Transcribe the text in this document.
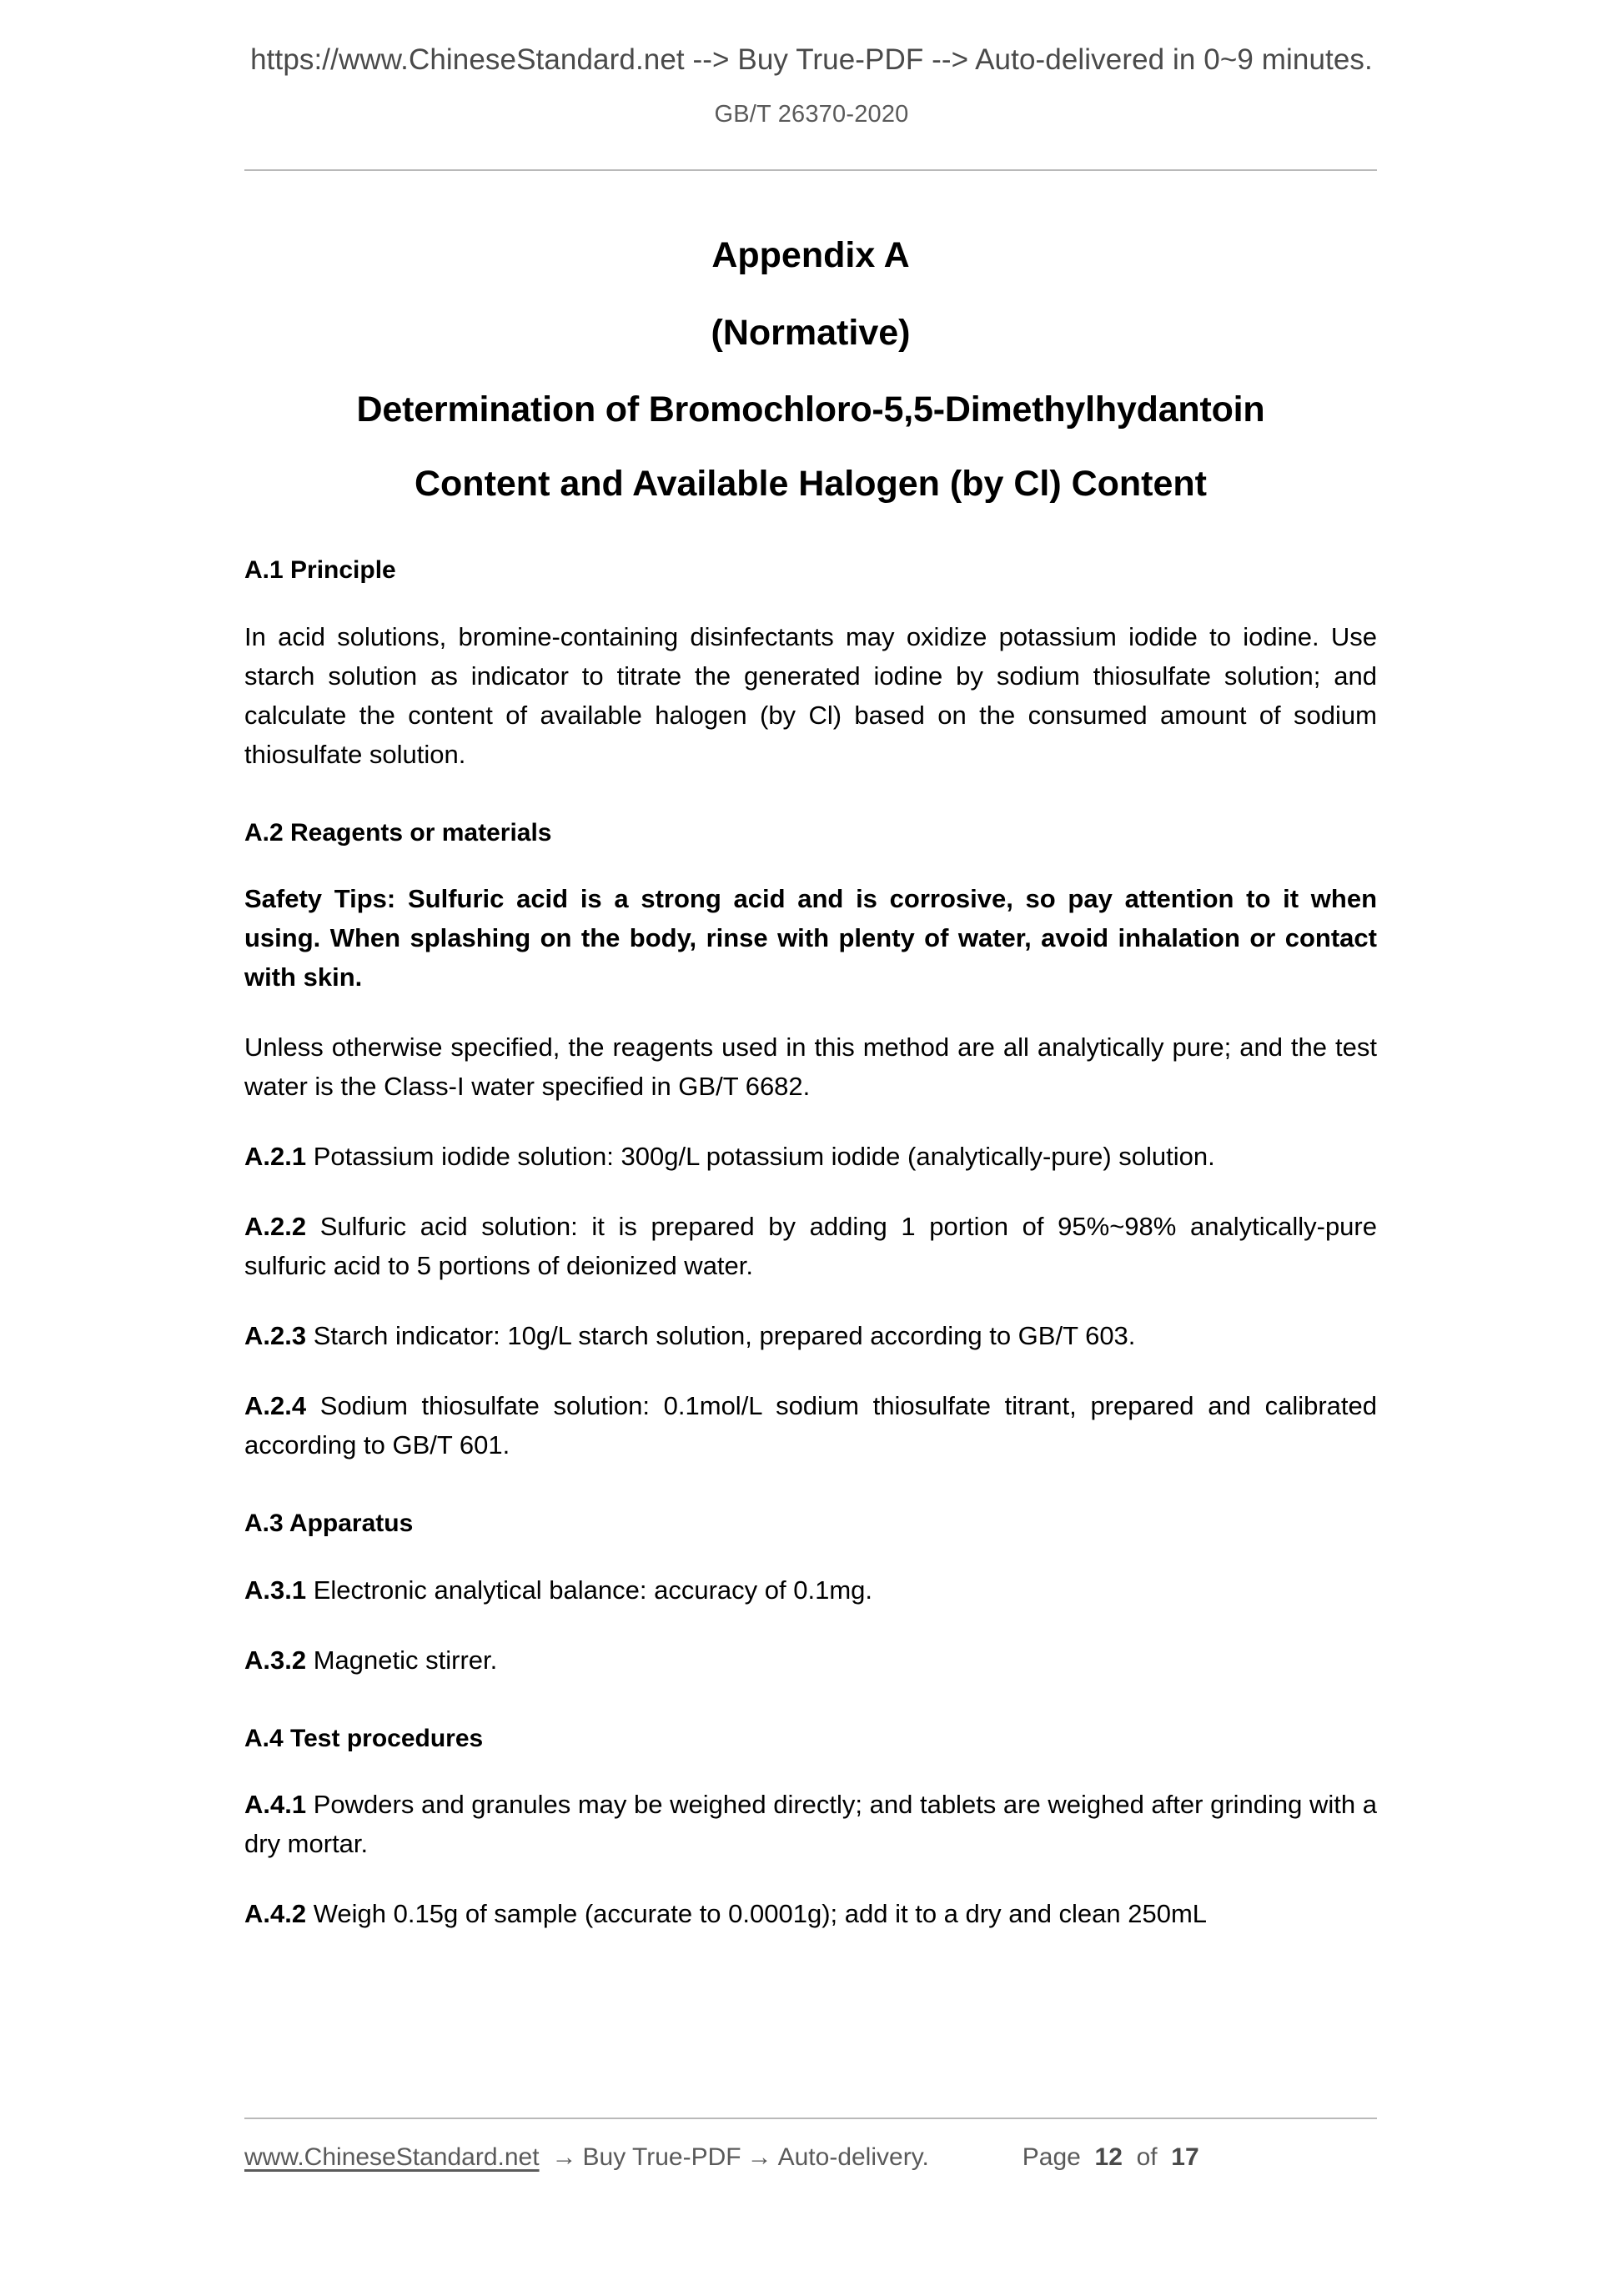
https://www.ChineseStandard.net --> Buy True-PDF --> Auto-delivered in 0~9 minutes.
GB/T 26370-2020
Appendix A
(Normative)
Determination of Bromochloro-5,5-Dimethylhydantoin
Content and Available Halogen (by Cl) Content
A.1 Principle

In acid solutions, bromine-containing disinfectants may oxidize potassium iodide to iodine. Use starch solution as indicator to titrate the generated iodine by sodium thiosulfate solution; and calculate the content of available halogen (by Cl) based on the consumed amount of sodium thiosulfate solution.

A.2 Reagents or materials

Safety Tips: Sulfuric acid is a strong acid and is corrosive, so pay attention to it when using. When splashing on the body, rinse with plenty of water, avoid inhalation or contact with skin.

Unless otherwise specified, the reagents used in this method are all analytically pure; and the test water is the Class-I water specified in GB/T 6682.

A.2.1 Potassium iodide solution: 300g/L potassium iodide (analytically-pure) solution.

A.2.2 Sulfuric acid solution: it is prepared by adding 1 portion of 95%~98% analytically-pure sulfuric acid to 5 portions of deionized water.

A.2.3 Starch indicator: 10g/L starch solution, prepared according to GB/T 603.

A.2.4 Sodium thiosulfate solution: 0.1mol/L sodium thiosulfate titrant, prepared and calibrated according to GB/T 601.

A.3 Apparatus

A.3.1 Electronic analytical balance: accuracy of 0.1mg.

A.3.2 Magnetic stirrer.

A.4 Test procedures

A.4.1 Powders and granules may be weighed directly; and tablets are weighed after grinding with a dry mortar.

A.4.2 Weigh 0.15g of sample (accurate to 0.0001g); add it to a dry and clean 250mL

www.ChineseStandard.net → Buy True-PDF → Auto-delivery.	Page 12 of 17
